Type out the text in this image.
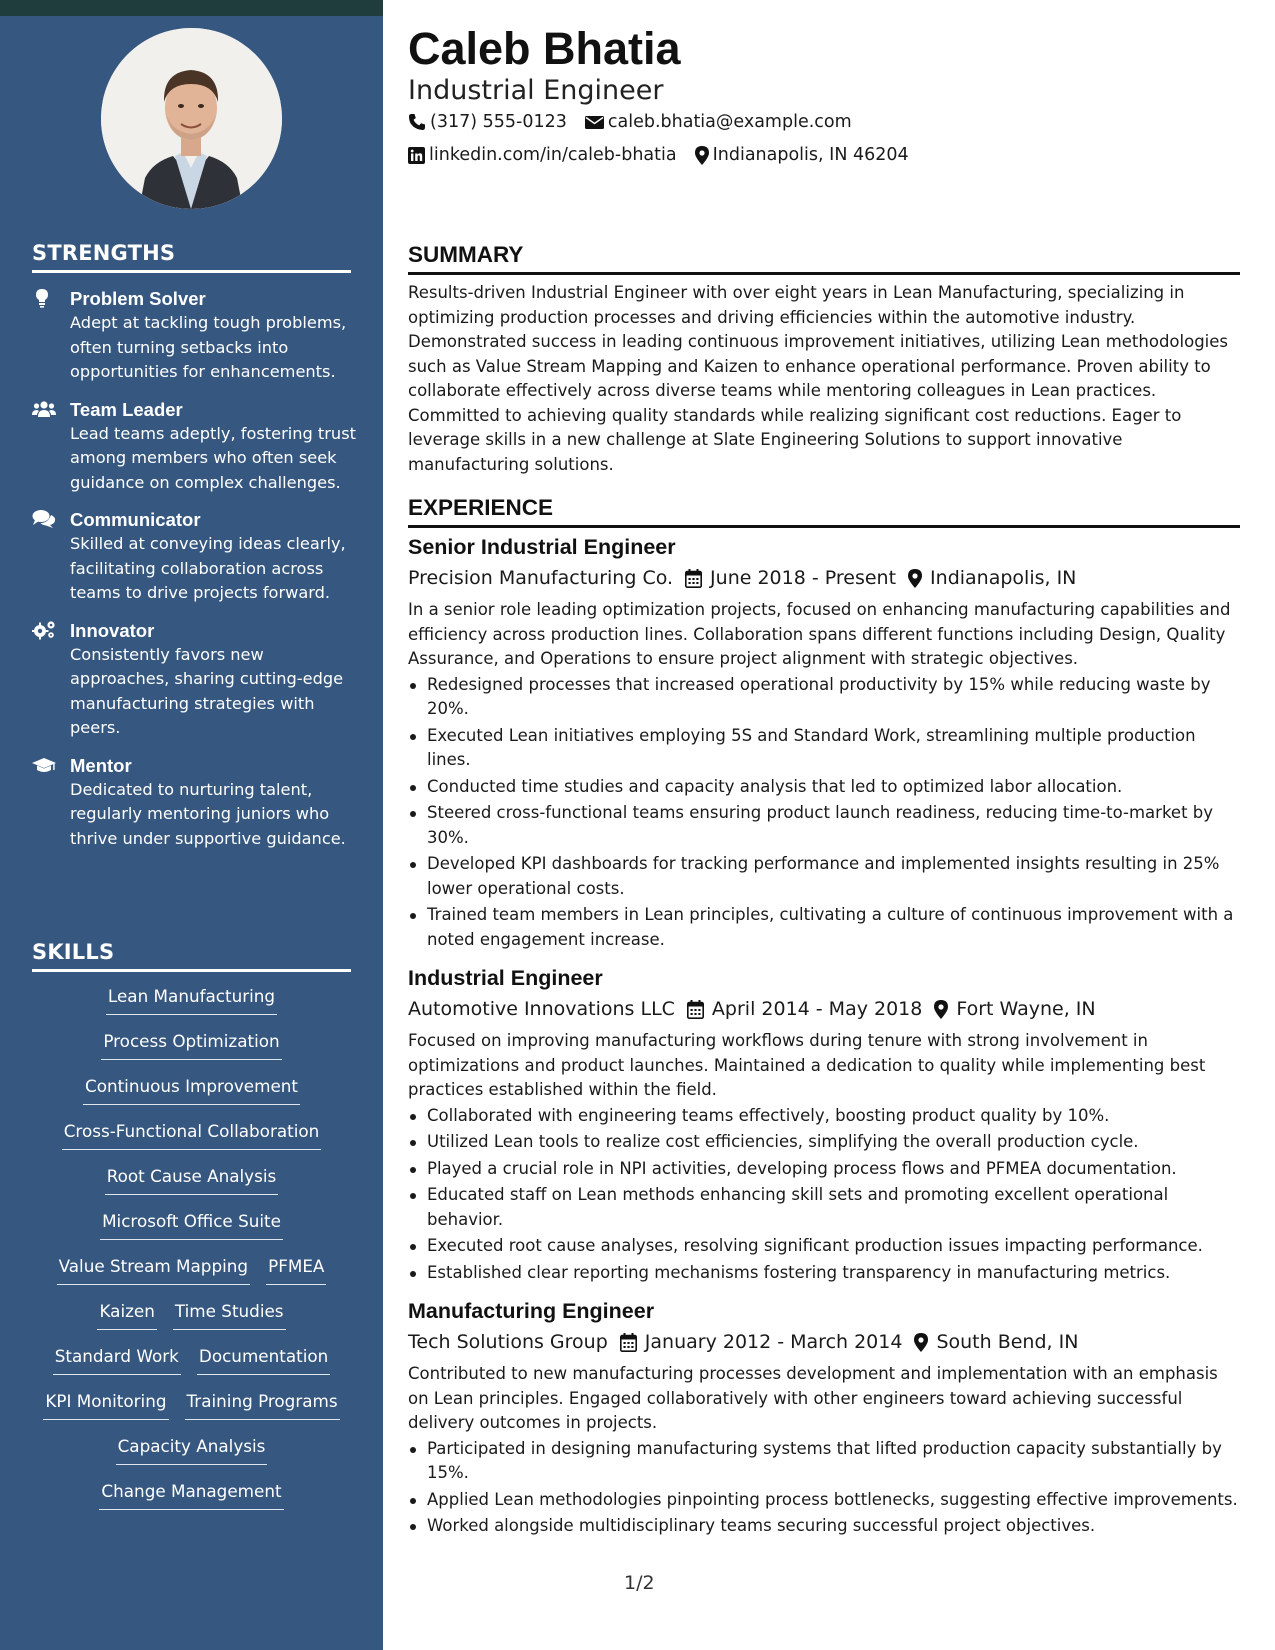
STRENGTHS
Problem Solver
Adept at tackling tough problems, often turning setbacks into opportunities for enhancements.
Team Leader
Lead teams adeptly, fostering trust among members who often seek guidance on complex challenges.
Communicator
Skilled at conveying ideas clearly, facilitating collaboration across teams to drive projects forward.
Innovator
Consistently favors new approaches, sharing cutting-edge manufacturing strategies with peers.
Mentor
Dedicated to nurturing talent, regularly mentoring juniors who thrive under supportive guidance.
SKILLS
Lean Manufacturing
Process Optimization
Continuous Improvement
Cross-Functional Collaboration
Root Cause Analysis
Microsoft Office Suite
Value Stream Mapping PFMEA
Kaizen Time Studies
Standard Work Documentation
KPI Monitoring Training Programs
Capacity Analysis
Change Management
Caleb Bhatia
Industrial Engineer
(317) 555-0123 caleb.bhatia@example.com
linkedin.com/in/caleb-bhatia Indianapolis, IN 46204
SUMMARY

Results-driven Industrial Engineer with over eight years in Lean Manufacturing, specializing in optimizing production processes and driving efficiencies within the automotive industry. Demonstrated success in leading continuous improvement initiatives, utilizing Lean methodologies such as Value Stream Mapping and Kaizen to enhance operational performance. Proven ability to collaborate effectively across diverse teams while mentoring colleagues in Lean practices. Committed to achieving quality standards while realizing significant cost reductions. Eager to leverage skills in a new challenge at Slate Engineering Solutions to support innovative manufacturing solutions.

EXPERIENCE
Senior Industrial Engineer
Precision Manufacturing Co. June 2018 - Present Indianapolis, IN

In a senior role leading optimization projects, focused on enhancing manufacturing capabilities and efficiency across production lines. Collaboration spans different functions including Design, Quality Assurance, and Operations to ensure project alignment with strategic objectives.

Redesigned processes that increased operational productivity by 15% while reducing waste by 20%.
Executed Lean initiatives employing 5S and Standard Work, streamlining multiple production lines.
Conducted time studies and capacity analysis that led to optimized labor allocation.
Steered cross-functional teams ensuring product launch readiness, reducing time-to-market by 30%.
Developed KPI dashboards for tracking performance and implemented insights resulting in 25% lower operational costs.
Trained team members in Lean principles, cultivating a culture of continuous improvement with a noted engagement increase.
Industrial Engineer
Automotive Innovations LLC April 2014 - May 2018 Fort Wayne, IN

Focused on improving manufacturing workflows during tenure with strong involvement in optimizations and product launches. Maintained a dedication to quality while implementing best practices established within the field.

Collaborated with engineering teams effectively, boosting product quality by 10%.
Utilized Lean tools to realize cost efficiencies, simplifying the overall production cycle.
Played a crucial role in NPI activities, developing process flows and PFMEA documentation.
Educated staff on Lean methods enhancing skill sets and promoting excellent operational behavior.
Executed root cause analyses, resolving significant production issues impacting performance.
Established clear reporting mechanisms fostering transparency in manufacturing metrics.
Manufacturing Engineer
Tech Solutions Group January 2012 - March 2014 South Bend, IN

Contributed to new manufacturing processes development and implementation with an emphasis on Lean principles. Engaged collaboratively with other engineers toward achieving successful delivery outcomes in projects.

Participated in designing manufacturing systems that lifted production capacity substantially by 15%.
Applied Lean methodologies pinpointing process bottlenecks, suggesting effective improvements.
Worked alongside multidisciplinary teams securing successful project objectives.
1/2
